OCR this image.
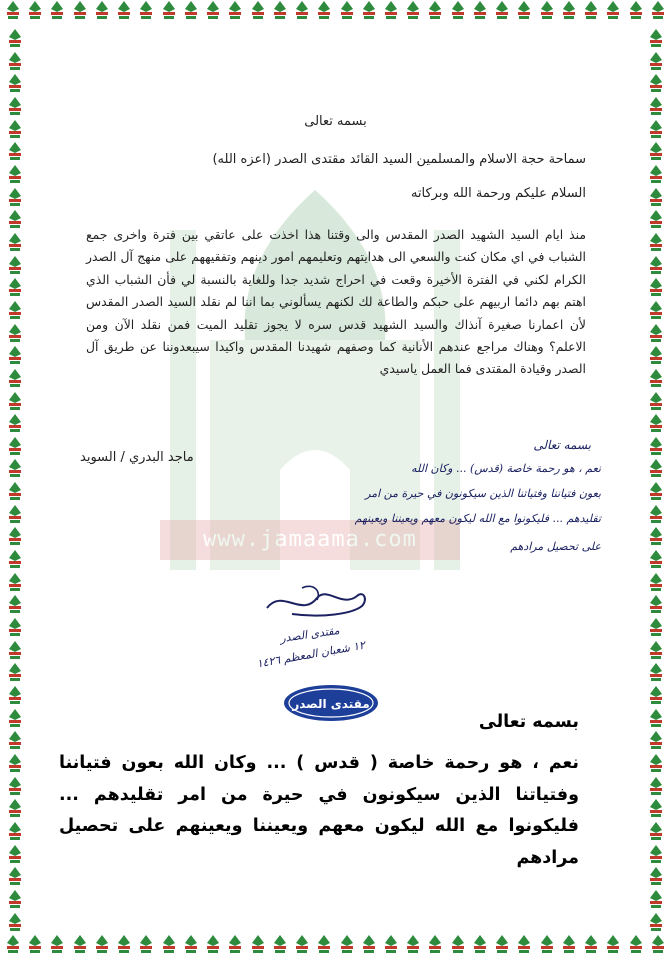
www.jamaama.com
بسمه تعالى
سماحة حجة الاسلام والمسلمين السيد القائد مقتدى الصدر (اعزه الله)
السلام عليكم ورحمة الله وبركاته
منذ ايام السيد الشهيد الصدر المقدس والى وقتنا هذا اخذت على عاتقي بين فترة واخرى جمع الشباب في اي مكان كنت والسعي الى هدايتهم وتعليمهم امور دينهم وتفقيههم على منهج آل الصدر الكرام لكني في الفترة الأخيرة وقعت في احراج شديد جدا وللغاية بالنسبة لي فأن الشباب الذي اهتم بهم دائما اربيهم على حبكم والطاعة لك لكنهم يسألوني بما اننا لم نقلد السيد الصدر المقدس لأن اعمارنا صغيرة آنذاك والسيد الشهيد قدس سره لا يجوز تقليد الميت فمن نقلد الآن ومن الاعلم؟ وهناك مراجع عندهم الأنانية كما وصفهم شهيدنا المقدس واكيدا سيبعدوننا عن طريق آل الصدر وقيادة المقتدى فما العمل ياسيدي
ماجد البدري / السويد
بسمه تعالى
نعم ، هو رحمة خاصة (قدس) ... وكان الله
بعون فتياننا وفتياتنا الذين سيكونون في حيرة من امر
تقليدهم ... فليكونوا مع الله ليكون معهم ويعيننا ويعينهم
على تحصيل مرادهم
مقتدى الصدر
١٢ شعبان المعظم ١٤٢٦
مقتدى الصدر
بسمه تعالى
نعم ، هو رحمة خاصة ( قدس ) ... وكان الله بعون فتياننا وفتياتنا الذين سيكونون في حيرة من امر تقليدهم ... فليكونوا مع الله ليكون معهم ويعيننا ويعينهم على تحصيل مرادهم
